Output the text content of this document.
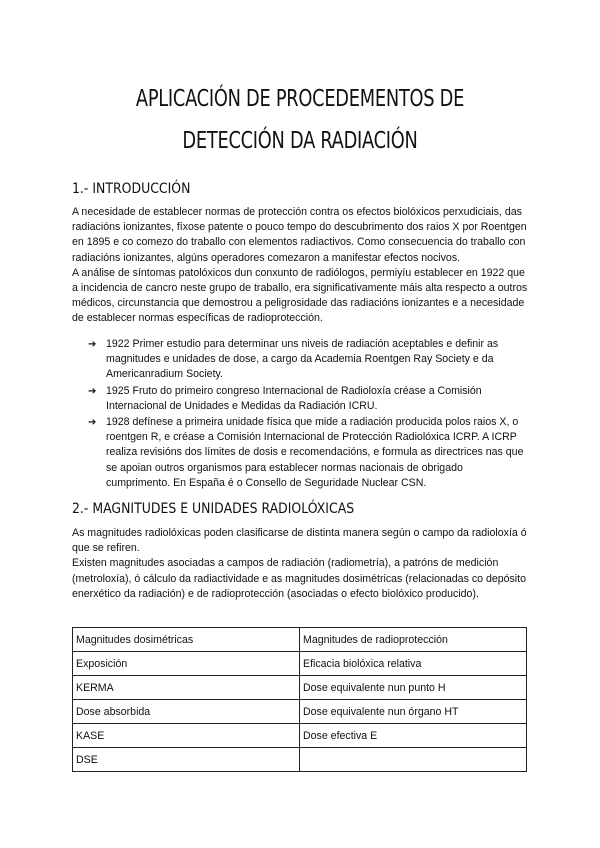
APLICACIÓN DE PROCEDEMENTOS DE
DETECCIÓN DA RADIACIÓN
1.- INTRODUCCIÓN

A necesidade de establecer normas de protección contra os efectos biolóxicos perxudiciais, das radiacións ionizantes, fíxose patente o pouco tempo do descubrimento dos raios X por Roentgen en 1895 e co comezo do traballo con elementos radiactivos. Como consecuencia do traballo con radiacións ionizantes, algúns operadores comezaron a manifestar efectos nocivos.

A análise de síntomas patolóxicos dun conxunto de radiólogos, permiyíu establecer en 1922 que a incidencia de cancro neste grupo de traballo, era significativamente máis alta respecto a outros médicos, circunstancia que demostrou a peligrosidade das radiacións ionizantes e a necesidade de establecer normas específicas de radioprotección.

➔ 1922 Primer estudio para determinar uns niveis de radiación aceptables e definir as magnitudes e unidades de dose, a cargo da Academia Roentgen Ray Society e da Americanradium Society.
➔ 1925 Fruto do primeiro congreso Internacional de Radioloxía créase a Comisión Internacional de Unidades e Medidas da Radiación ICRU.
➔ 1928 defínese a primeira unidade física que mide a radiación producida polos raios X, o roentgen R, e créase a Comisión Internacional de Protección Radiolóxica ICRP. A ICRP realiza revisións dos límites de dosis e recomendacións, e formula as directrices nas que se apoian outros organismos para establecer normas nacionais de obrigado cumprimento. En España é o Consello de Seguridade Nuclear CSN.
2.- MAGNITUDES E UNIDADES RADIOLÓXICAS

As magnitudes radiolóxicas poden clasificarse de distinta manera según o campo da radioloxía ó que se refiren.

Existen magnitudes asociadas a campos de radiación (radiometría), a patróns de medición (metroloxía), ó cálculo da radiactividade e as magnitudes dosimétricas (relacionadas co depósito enerxético da radiación) e de radioprotección (asociadas o efecto biolóxico producido).

Magnitudes dosimétricas	Magnitudes de radioprotección
Exposición	Eficacia biolóxica relativa
KERMA	Dose equivalente nun punto H
Dose absorbida	Dose equivalente nun órgano HT
KASE	Dose efectiva E
DSE	
